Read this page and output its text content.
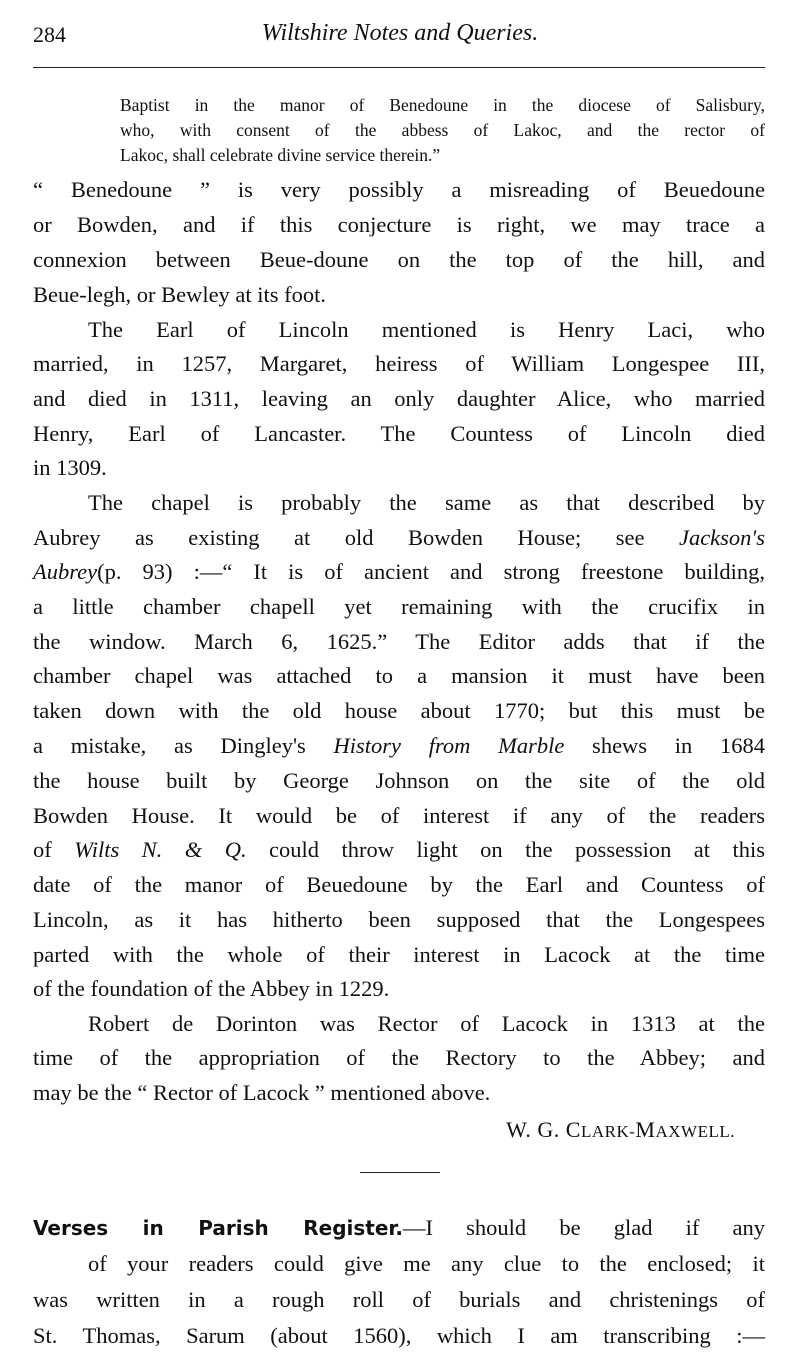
284	Wiltshire Notes and Queries.
Baptist in the manor of Benedoune in the diocese of Salisbury,
who, with consent of the abbess of Lakoc, and the rector of
Lakoc, shall celebrate divine service therein.”
“ Benedoune ” is very possibly a misreading of Beuedoune
or Bowden, and if this conjecture is right, we may trace a
connexion between Beue-doune on the top of the hill, and
Beue-legh, or Bewley at its foot.
The Earl of Lincoln mentioned is Henry Laci, who
married, in 1257, Margaret, heiress of William Longespee III,
and died in 1311, leaving an only daughter Alice, who married
Henry, Earl of Lancaster. The Countess of Lincoln died
in 1309.
The chapel is probably the same as that described by
Aubrey as existing at old Bowden House; see Jackson's
Aubrey(p. 93) :—“ It is of ancient and strong freestone building,
a little chamber chapell yet remaining with the crucifix in
the window. March 6, 1625.” The Editor adds that if the
chamber chapel was attached to a mansion it must have been
taken down with the old house about 1770; but this must be
a mistake, as Dingley's History from Marble shews in 1684
the house built by George Johnson on the site of the old
Bowden House. It would be of interest if any of the readers
of Wilts N. & Q. could throw light on the possession at this
date of the manor of Beuedoune by the Earl and Countess of
Lincoln, as it has hitherto been supposed that the Longespees
parted with the whole of their interest in Lacock at the time
of the foundation of the Abbey in 1229.
Robert de Dorinton was Rector of Lacock in 1313 at the
time of the appropriation of the Rectory to the Abbey; and
may be the “ Rector of Lacock ” mentioned above.
W. G. CLARK-MAXWELL.
Verses in Parish Register.—I should be glad if any
of your readers could give me any clue to the enclosed; it
was written in a rough roll of burials and christenings of
St. Thomas, Sarum (about 1560), which I am transcribing :—
